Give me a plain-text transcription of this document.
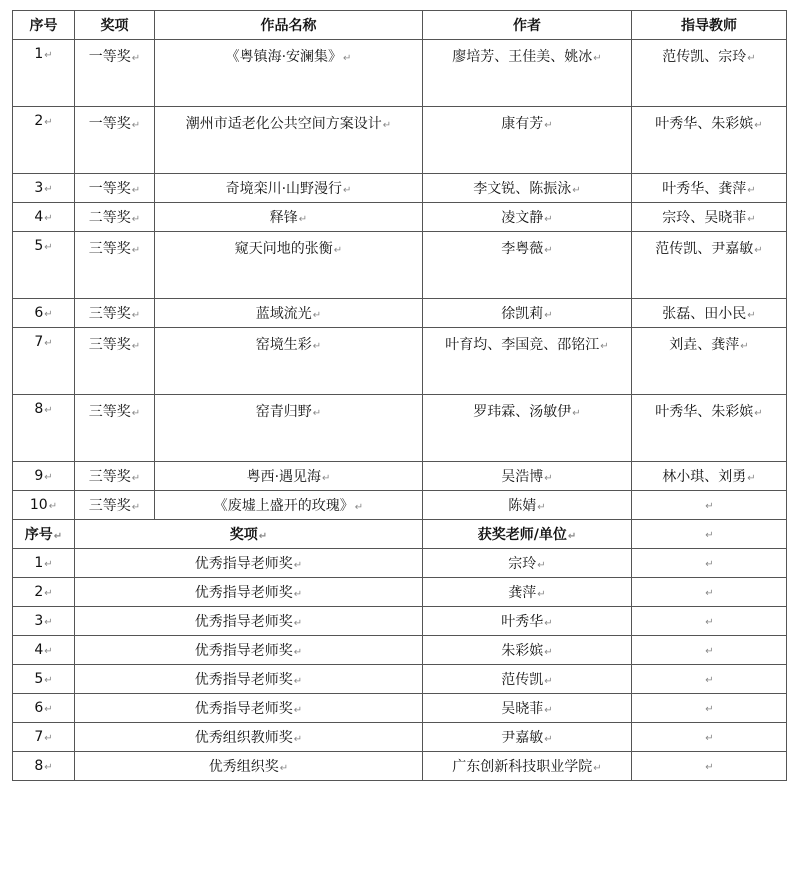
序号	奖项	作品名称	作者	指导教师
1↵	一等奖↵	《粤镇海·安澜集》↵	廖培芳、王佳美、姚冰↵	范传凯、宗玲↵
2↵	一等奖↵	潮州市适老化公共空间方案设计↵	康有芳↵	叶秀华、朱彩嫔↵
3↵	一等奖↵	奇境栾川·山野漫行↵	李文锐、陈振泳↵	叶秀华、龚萍↵
4↵	二等奖↵	释锋↵	凌文静↵	宗玲、吴晓菲↵
5↵	三等奖↵	窥天问地的张衡↵	李粤薇↵	范传凯、尹嘉敏↵
6↵	三等奖↵	蓝域流光↵	徐凯莉↵	张磊、田小民↵
7↵	三等奖↵	窑境生彩↵	叶育均、李国竞、邵铭江↵	刘垚、龚萍↵
8↵	三等奖↵	窑青归野↵	罗玮霖、汤敏伊↵	叶秀华、朱彩嫔↵
9↵	三等奖↵	粤西·遇见海↵	吴浩博↵	林小琪、刘勇↵
10↵	三等奖↵	《废墟上盛开的玫瑰》↵	陈婧↵	↵
序号↵	奖项↵		获奖老师/单位↵	↵
1↵	优秀指导老师奖↵		宗玲↵	↵
2↵	优秀指导老师奖↵		龚萍↵	↵
3↵	优秀指导老师奖↵		叶秀华↵	↵
4↵	优秀指导老师奖↵		朱彩嫔↵	↵
5↵	优秀指导老师奖↵		范传凯↵	↵
6↵	优秀指导老师奖↵		吴晓菲↵	↵
7↵	优秀组织教师奖↵		尹嘉敏↵	↵
8↵	优秀组织奖↵		广东创新科技职业学院↵	↵
